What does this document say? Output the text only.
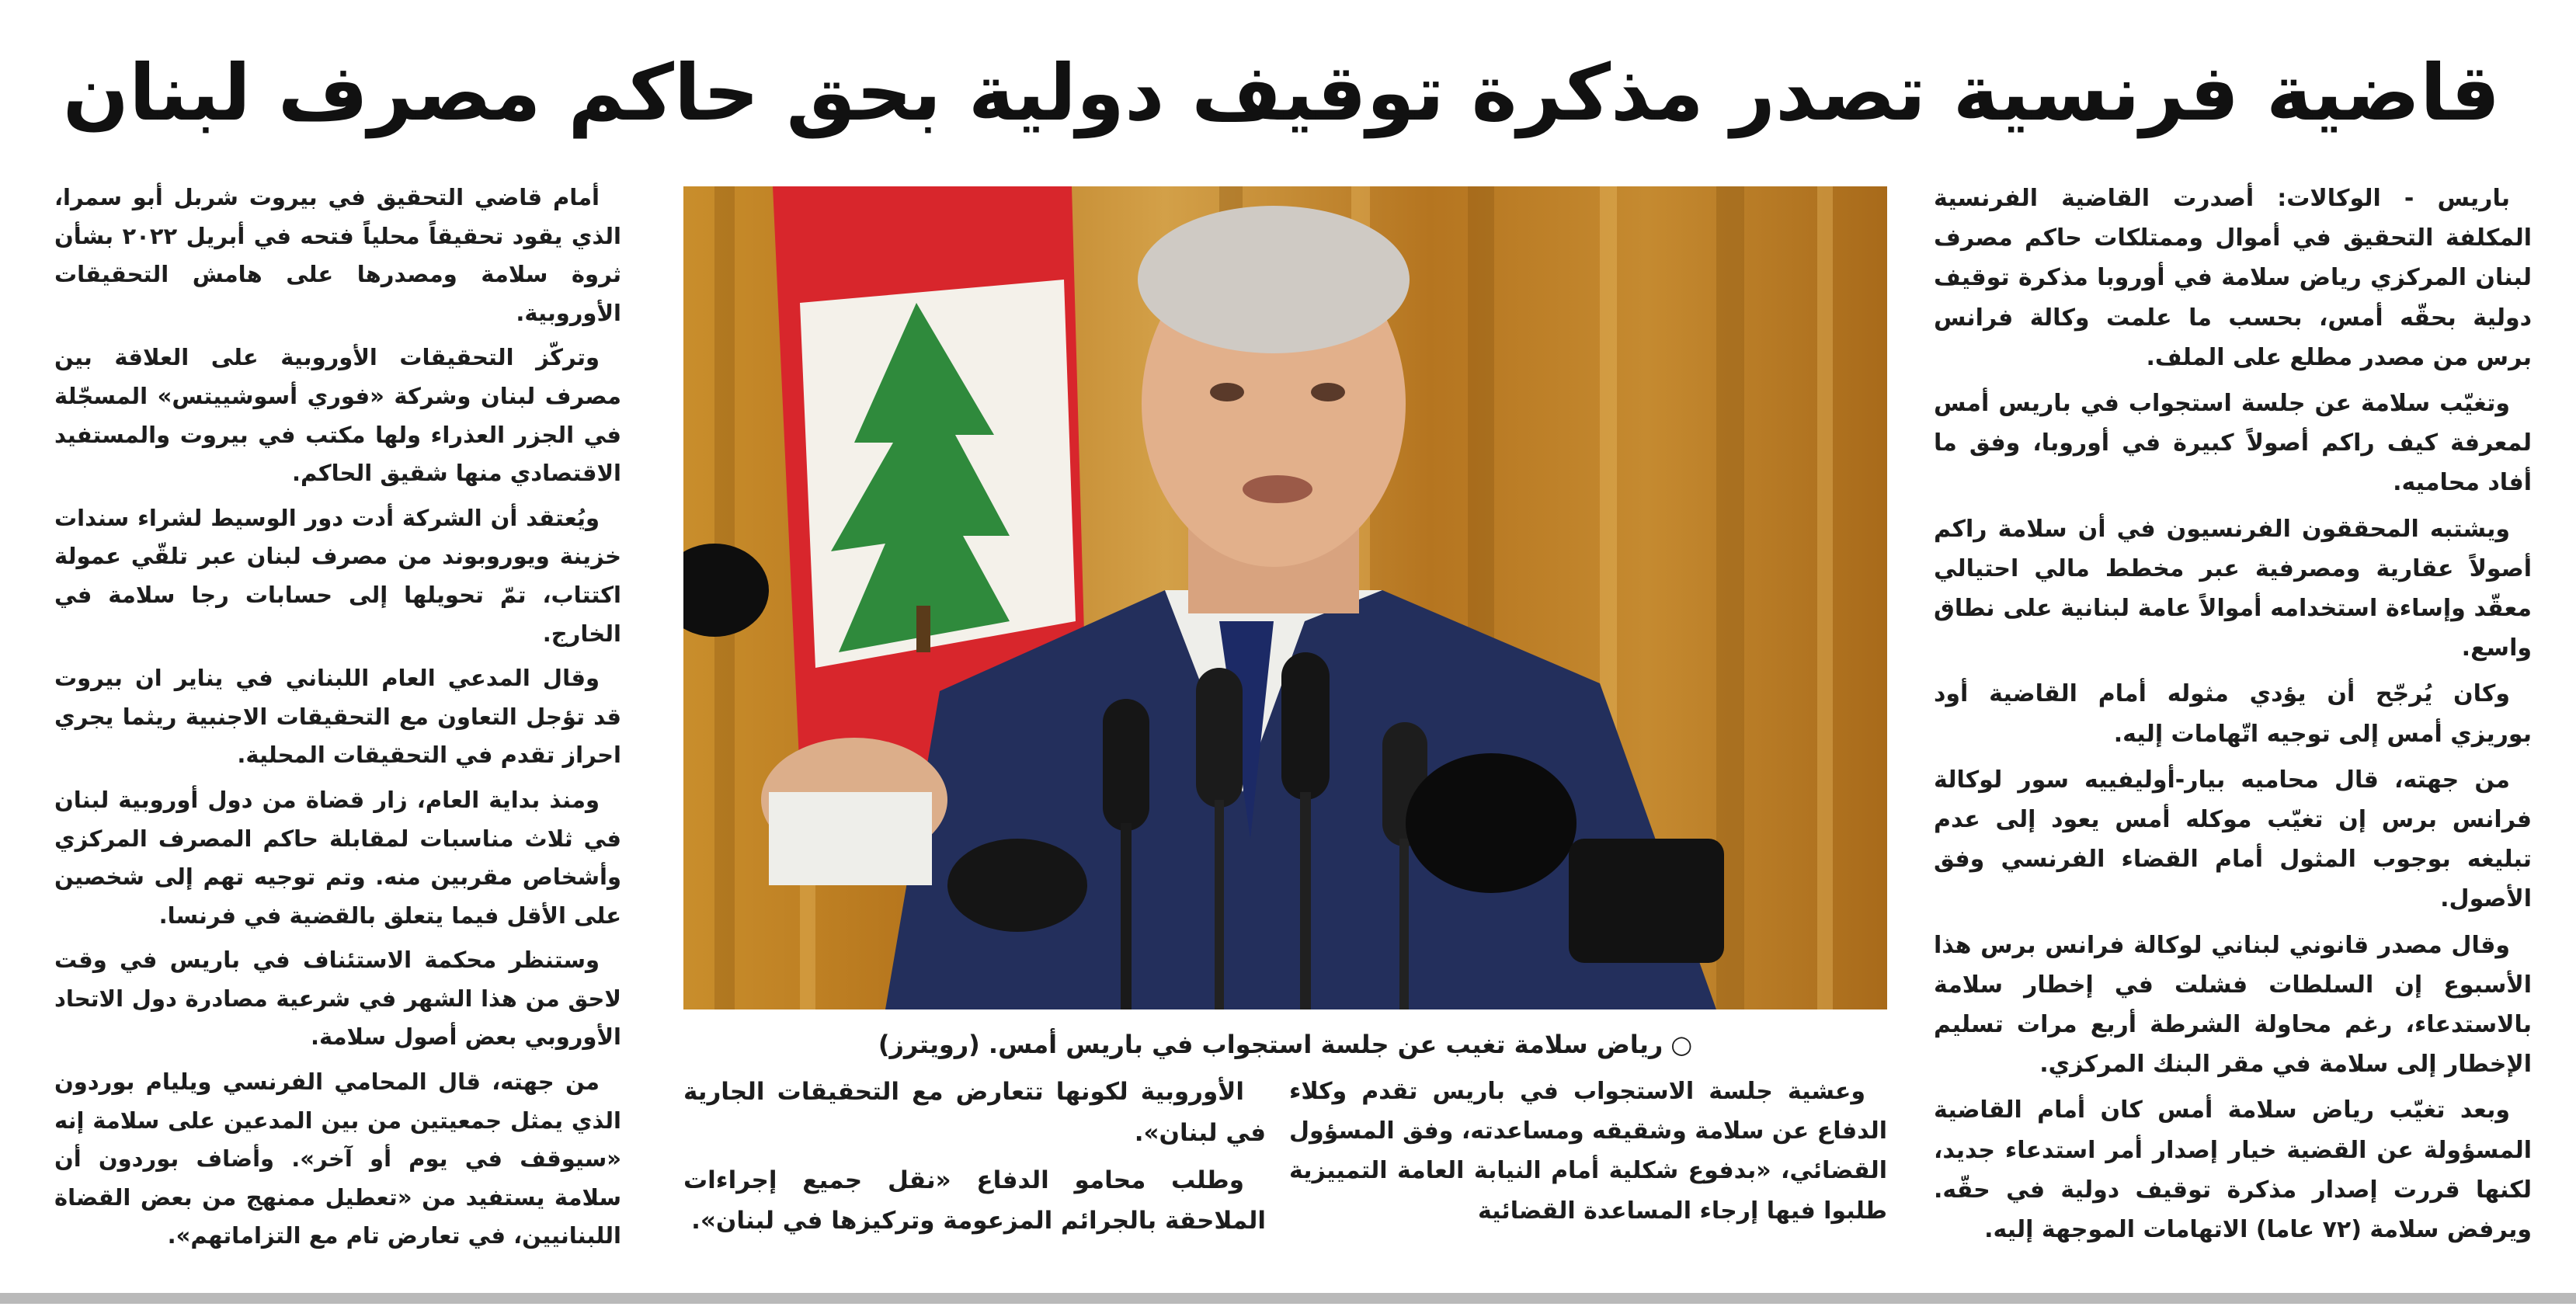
قاضية فرنسية تصدر مذكرة توقيف دولية بحق حاكم مصرف لبنان

باريس - الوكالات: أصدرت القاضية الفرنسية المكلفة التحقيق في أموال وممتلكات حاكم مصرف لبنان المركزي رياض سلامة في أوروبا مذكرة توقيف دولية بحقّه أمس، بحسب ما علمت وكالة فرانس برس من مصدر مطلع على الملف.

وتغيّب سلامة عن جلسة استجواب في باريس أمس لمعرفة كيف راكم أصولاً كبيرة في أوروبا، وفق ما أفاد محاميه.

ويشتبه المحققون الفرنسيون في أن سلامة راكم أصولاً عقارية ومصرفية عبر مخطط مالي احتيالي معقّد وإساءة استخدامه أموالاً عامة لبنانية على نطاق واسع.

وكان يُرجّح أن يؤدي مثوله أمام القاضية أود بوريزي أمس إلى توجيه اتّهامات إليه.

من جهته، قال محاميه بيار-أوليفييه سور لوكالة فرانس برس إن تغيّب موكله أمس يعود إلى عدم تبليغه بوجوب المثول أمام القضاء الفرنسي وفق الأصول.

وقال مصدر قانوني لبناني لوكالة فرانس برس هذا الأسبوع إن السلطات فشلت في إخطار سلامة بالاستدعاء، رغم محاولة الشرطة أربع مرات تسليم الإخطار إلى سلامة في مقر البنك المركزي.

وبعد تغيّب رياض سلامة أمس كان أمام القاضية المسؤولة عن القضية خيار إصدار أمر استدعاء جديد، لكنها قررت إصدار مذكرة توقيف دولية في حقّه. ويرفض سلامة (٧٢ عاما) الاتهامات الموجهة إليه.

○رياض سلامة تغيب عن جلسة استجواب في باريس أمس. (رويترز)

وعشية جلسة الاستجواب في باريس تقدم وكلاء الدفاع عن سلامة وشقيقه ومساعدته، وفق المسؤول القضائي، «بدفوع شكلية أمام النيابة العامة التمييزية طلبوا فيها إرجاء المساعدة القضائية

الأوروبية لكونها تتعارض مع التحقيقات الجارية في لبنان».

وطلب محامو الدفاع «نقل جميع إجراءات الملاحقة بالجرائم المزعومة وتركيزها في لبنان».

أمام قاضي التحقيق في بيروت شربل أبو سمرا، الذي يقود تحقيقاً محلياً فتحه في أبريل ٢٠٢٢ بشأن ثروة سلامة ومصدرها على هامش التحقيقات الأوروبية.

وتركّز التحقيقات الأوروبية على العلاقة بين مصرف لبنان وشركة «فوري أسوشييتس» المسجّلة في الجزر العذراء ولها مكتب في بيروت والمستفيد الاقتصادي منها شقيق الحاكم.

ويُعتقد أن الشركة أدت دور الوسيط لشراء سندات خزينة ويوروبوند من مصرف لبنان عبر تلقّي عمولة اكتتاب، تمّ تحويلها إلى حسابات رجا سلامة في الخارج.

وقال المدعي العام اللبناني في يناير ان بيروت قد تؤجل التعاون مع التحقيقات الاجنبية ريثما يجري احراز تقدم في التحقيقات المحلية.

ومنذ بداية العام، زار قضاة من دول أوروبية لبنان في ثلاث مناسبات لمقابلة حاكم المصرف المركزي وأشخاص مقربين منه. وتم توجيه تهم إلى شخصين على الأقل فيما يتعلق بالقضية في فرنسا.

وستنظر محكمة الاستئناف في باريس في وقت لاحق من هذا الشهر في شرعية مصادرة دول الاتحاد الأوروبي بعض أصول سلامة.

من جهته، قال المحامي الفرنسي ويليام بوردون الذي يمثل جمعيتين من بين المدعين على سلامة إنه «سيوقف في يوم أو آخر». وأضاف بوردون أن سلامة يستفيد من «تعطيل ممنهج من بعض القضاة اللبنانيين، في تعارض تام مع التزاماتهم».
